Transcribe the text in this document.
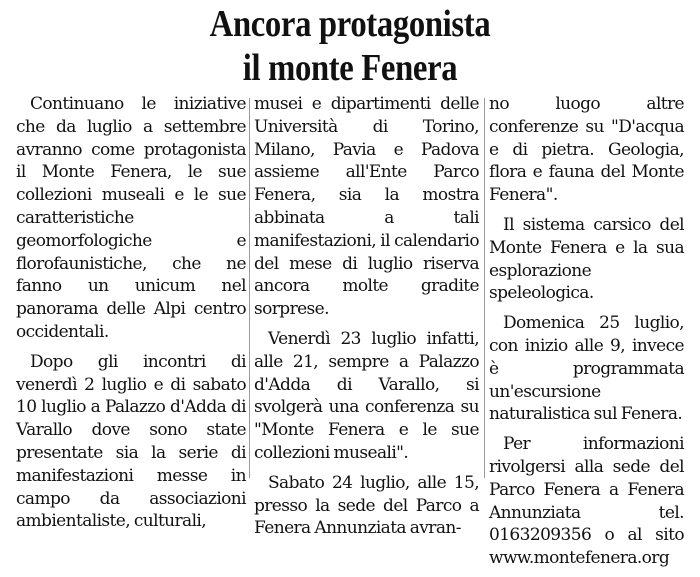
Ancora protagonista
il monte Fenera

Continuano le iniziative che da luglio a settembre avranno come protagonista il Monte Fenera, le sue collezioni museali e le sue caratteristiche geomorfologiche e florofaunistiche, che ne fanno un unicum nel panorama delle Alpi centro occidentali.

Dopo gli incontri di venerdì 2 luglio e di sabato 10 luglio a Palazzo d'Adda di Varallo dove sono state presentate sia la serie di manifestazioni messe in campo da associazioni ambientaliste, culturali,

musei e dipartimenti delle Università di Torino, Milano, Pavia e Padova assieme all'Ente Parco Fenera, sia la mostra abbinata a tali manifestazioni, il calendario del mese di luglio riserva ancora molte gradite sorprese.

Venerdì 23 luglio infatti, alle 21, sempre a Palazzo d'Adda di Varallo, si svolgerà una conferenza su "Monte Fenera e le sue collezioni museali".

Sabato 24 luglio, alle 15, presso la sede del Parco a Fenera Annunziata avran-

no luogo altre conferenze su "D'acqua e di pietra. Geologia, flora e fauna del Monte Fenera".

Il sistema carsico del Monte Fenera e la sua esplorazione speleologica.

Domenica 25 luglio, con inizio alle 9, invece è programmata un'escursione naturalistica sul Fenera.

Per informazioni rivolgersi alla sede del Parco Fenera a Fenera Annunziata tel. 0163209356 o al sito www.montefenera.org
